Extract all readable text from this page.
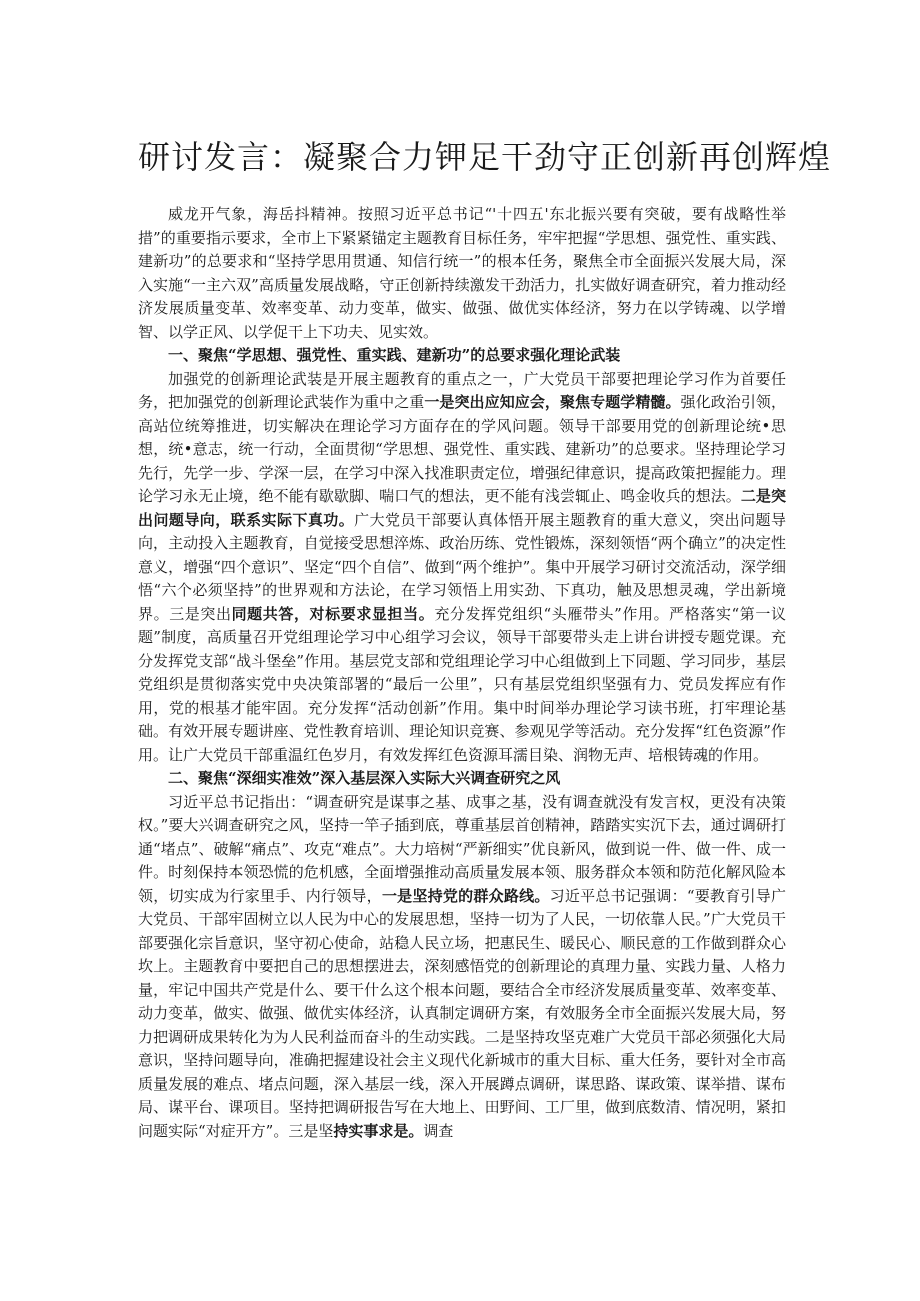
研讨发言：凝聚合力钾足干劲守正创新再创辉煌

威龙开气象，海岳抖精神。按照习近平总书记“'十四五'东北振兴要有突破，要有战略性举措”的重要指示要求，全市上下紧紧锚定主题教育目标任务，牢牢把握“学思想、强党性、重实践、建新功”的总要求和“坚持学思用贯通、知信行统一”的根本任务，聚焦全市全面振兴发展大局，深入实施“一主六双”高质量发展战略，守正创新持续激发干劲活力，扎实做好调查研究，着力推动经济发展质量变革、效率变革、动力变革，做实、做强、做优实体经济，努力在以学铸魂、以学增智、以学正风、以学促干上下功夫、见实效。

一、聚焦“学思想、强党性、重实践、建新功”的总要求强化理论武装

加强党的创新理论武装是开展主题教育的重点之一，广大党员干部要把理论学习作为首要任务，把加强党的创新理论武装作为重中之重一是突出应知应会，聚焦专题学精髓。强化政治引领，高站位统筹推进，切实解决在理论学习方面存在的学风问题。领导干部要用党的创新理论统•思想，统•意志，统一行动，全面贯彻“学思想、强党性、重实践、建新功”的总要求。坚持理论学习先行，先学一步、学深一层，在学习中深入找准职责定位，增强纪律意识，提高政策把握能力。理论学习永无止境，绝不能有歇歇脚、喘口气的想法，更不能有浅尝辄止、鸣金收兵的想法。二是突出问题导向，联系实际下真功。广大党员干部要认真体悟开展主题教育的重大意义，突出问题导向，主动投入主题教育，自觉接受思想淬炼、政治历练、党性锻炼，深刻领悟“两个确立”的决定性意义，增强“四个意识”、坚定“四个自信”、做到“两个维护”。集中开展学习研讨交流活动，深学细悟“六个必须坚持”的世界观和方法论，在学习领悟上用实劲、下真功，触及思想灵魂，学出新境界。三是突出同题共答，对标要求显担当。充分发挥党组织“头雁带头”作用。严格落实“第一议题”制度，高质量召开党组理论学习中心组学习会议，领导干部要带头走上讲台讲授专题党课。充分发挥党支部“战斗堡垒”作用。基层党支部和党组理论学习中心组做到上下同题、学习同步，基层党组织是贯彻落实党中央决策部署的“最后一公里”，只有基层党组织坚强有力、党员发挥应有作用，党的根基才能牢固。充分发挥“活动创新”作用。集中时间举办理论学习读书班，打牢理论基础。有效开展专题讲座、党性教育培训、理论知识竞赛、参观见学等活动。充分发挥“红色资源”作用。让广大党员干部重温红色岁月，有效发挥红色资源耳濡目染、润物无声、培根铸魂的作用。

二、聚焦“深细实准效”深入基层深入实际大兴调查研究之风

习近平总书记指出：“调查研究是谋事之基、成事之基，没有调查就没有发言权，更没有决策权。”要大兴调查研究之风，坚持一竿子插到底，尊重基层首创精神，踏踏实实沉下去，通过调研打通“堵点”、破解“痛点”、攻克“难点”。大力培树“严新细实”优良新风，做到说一件、做一件、成一件。时刻保持本领恐慌的危机感，全面增强推动高质量发展本领、服务群众本领和防范化解风险本领，切实成为行家里手、内行领导，一是坚持党的群众路线。习近平总书记强调：“要教育引导广大党员、干部牢固树立以人民为中心的发展思想，坚持一切为了人民，一切依靠人民。”广大党员干部要强化宗旨意识，坚守初心使命，站稳人民立场，把惠民生、暖民心、顺民意的工作做到群众心坎上。主题教育中要把自己的思想摆进去，深刻感悟党的创新理论的真理力量、实践力量、人格力量，牢记中国共产党是什么、要干什么这个根本问题，要结合全市经济发展质量变革、效率变革、动力变革，做实、做强、做优实体经济，认真制定调研方案，有效服务全市全面振兴发展大局，努力把调研成果转化为为人民利益而奋斗的生动实践。二是坚持攻坚克难广大党员干部必须强化大局意识，坚持问题导向，准确把握建设社会主义现代化新城市的重大目标、重大任务，要针对全市高质量发展的难点、堵点问题，深入基层一线，深入开展蹲点调研，谋思路、谋政策、谋举措、谋布局、谋平台、课项目。坚持把调研报告写在大地上、田野间、工厂里，做到底数清、情况明，紧扣问题实际“对症开方”。三是坚持实事求是。调查
